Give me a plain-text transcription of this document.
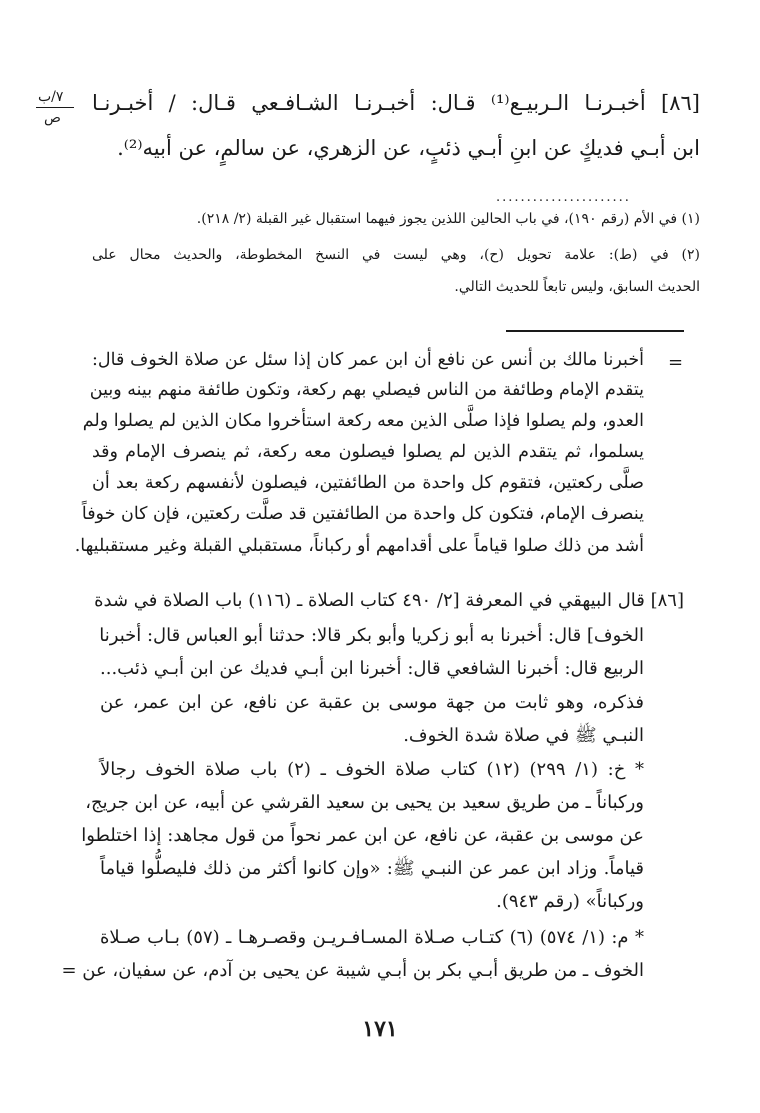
٧/ب
ص
[٨٦] أخبـرنـا الـربيـع⁽¹⁾ قـال: أخبـرنـا الشـافـعي قـال: / أخبـرنـا
ابن أبـي فديكٍ عن ابنِ أبـي ذئبٍ، عن الزهري، عن سالمٍ، عن أبيه⁽²⁾.
......................
(١) في الأم (رقم ١٩٠)، في باب الحالين اللذين يجوز فيهما استقبال غير القبلة (٢/ ٢١٨).
(٢) في (ط): علامة تحويل (ح)، وهي ليست في النسخ المخطوطة، والحديث محال على
الحديث السابق، وليس تابعاً للحديث التالي.
=
أخبرنا مالك بن أنس عن نافع أن ابن عمر كان إذا سئل عن صلاة الخوف قال:
يتقدم الإمام وطائفة من الناس فيصلي بهم ركعة، وتكون طائفة منهم بينه وبين
العدو، ولم يصلوا فإذا صلَّى الذين معه ركعة استأخروا مكان الذين لم يصلوا ولم
يسلموا، ثم يتقدم الذين لم يصلوا فيصلون معه ركعة، ثم ينصرف الإمام وقد
صلَّى ركعتين، فتقوم كل واحدة من الطائفتين، فيصلون لأنفسهم ركعة بعد أن
ينصرف الإمام، فتكون كل واحدة من الطائفتين قد صلَّت ركعتين، فإن كان خوفاً
أشد من ذلك صلوا قياماً على أقدامهم أو ركباناً، مستقبلي القبلة وغير مستقبليها.
[٨٦] قال البيهقي في المعرفة [٢/ ٤٩٠ كتاب الصلاة ـ (١١٦) باب الصلاة في شدة
الخوف] قال: أخبرنا به أبو زكريا وأبو بكر قالا: حدثنا أبو العباس قال: أخبرنا
الربيع قال: أخبرنا الشافعي قال: أخبرنا ابن أبـي فديك عن ابن أبـي ذئب...
فذكره، وهو ثابت من جهة موسى بن عقبة عن نافع، عن ابن عمر، عن
النبـي ﷺ في صلاة شدة الخوف.
* خ: (١/ ٢٩٩) (١٢) كتاب صلاة الخوف ـ (٢) باب صلاة الخوف رجالاً
وركباناً ـ من طريق سعيد بن يحيى بن سعيد القرشي عن أبيه، عن ابن جريج،
عن موسى بن عقبة، عن نافع، عن ابن عمر نحواً من قول مجاهد: إذا اختلطوا
قياماً. وزاد ابن عمر عن النبـي ﷺ: «وإن كانوا أكثر من ذلك فليصلُّوا قياماً
وركباناً» (رقم ٩٤٣).
* م: (١/ ٥٧٤) (٦) كتـاب صـلاة المسـافـريـن وقصـرهـا ـ (٥٧) بـاب صـلاة
الخوف ـ من طريق أبـي بكر بن أبـي شيبة عن يحيى بن آدم، عن سفيان، عن =
١٧١
